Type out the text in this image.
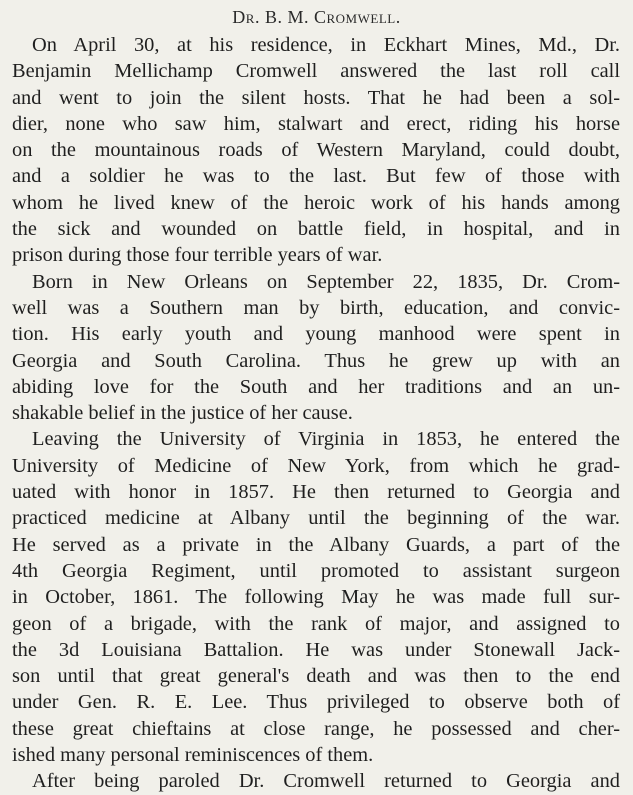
Dr. B. M. Cromwell.
On April 30, at his residence, in Eckhart Mines, Md., Dr.
Benjamin Mellichamp Cromwell answered the last roll call
and went to join the silent hosts. That he had been a sol-
dier, none who saw him, stalwart and erect, riding his horse
on the mountainous roads of Western Maryland, could doubt,
and a soldier he was to the last. But few of those with
whom he lived knew of the heroic work of his hands among
the sick and wounded on battle field, in hospital, and in
prison during those four terrible years of war.
Born in New Orleans on September 22, 1835, Dr. Crom-
well was a Southern man by birth, education, and convic-
tion. His early youth and young manhood were spent in
Georgia and South Carolina. Thus he grew up with an
abiding love for the South and her traditions and an un-
shakable belief in the justice of her cause.
Leaving the University of Virginia in 1853, he entered the
University of Medicine of New York, from which he grad-
uated with honor in 1857. He then returned to Georgia and
practiced medicine at Albany until the beginning of the war.
He served as a private in the Albany Guards, a part of the
4th Georgia Regiment, until promoted to assistant surgeon
in October, 1861. The following May he was made full sur-
geon of a brigade, with the rank of major, and assigned to
the 3d Louisiana Battalion. He was under Stonewall Jack-
son until that great general's death and was then to the end
under Gen. R. E. Lee. Thus privileged to observe both of
these great chieftains at close range, he possessed and cher-
ished many personal reminiscences of them.
After being paroled Dr. Cromwell returned to Georgia and
